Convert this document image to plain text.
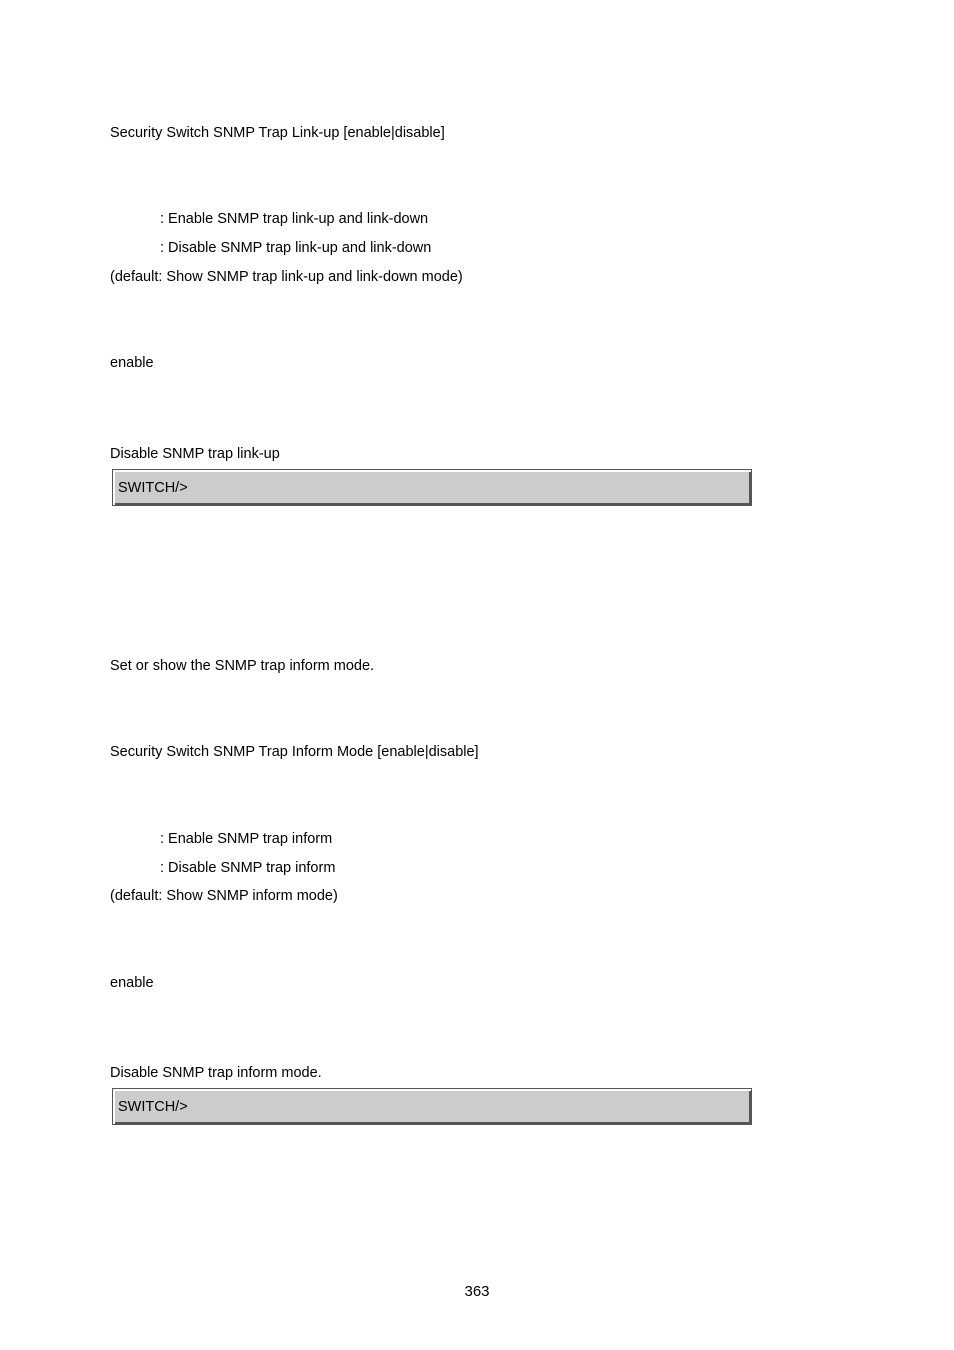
Security Switch SNMP Trap Link-up [enable|disable]
: Enable SNMP trap link-up and link-down
: Disable SNMP trap link-up and link-down
(default: Show SNMP trap link-up and link-down mode)
enable
Disable SNMP trap link-up
SWITCH/>
Set or show the SNMP trap inform mode.
Security Switch SNMP Trap Inform Mode [enable|disable]
: Enable SNMP trap inform
: Disable SNMP trap inform
(default: Show SNMP inform mode)
enable
Disable SNMP trap inform mode.
SWITCH/>
363
